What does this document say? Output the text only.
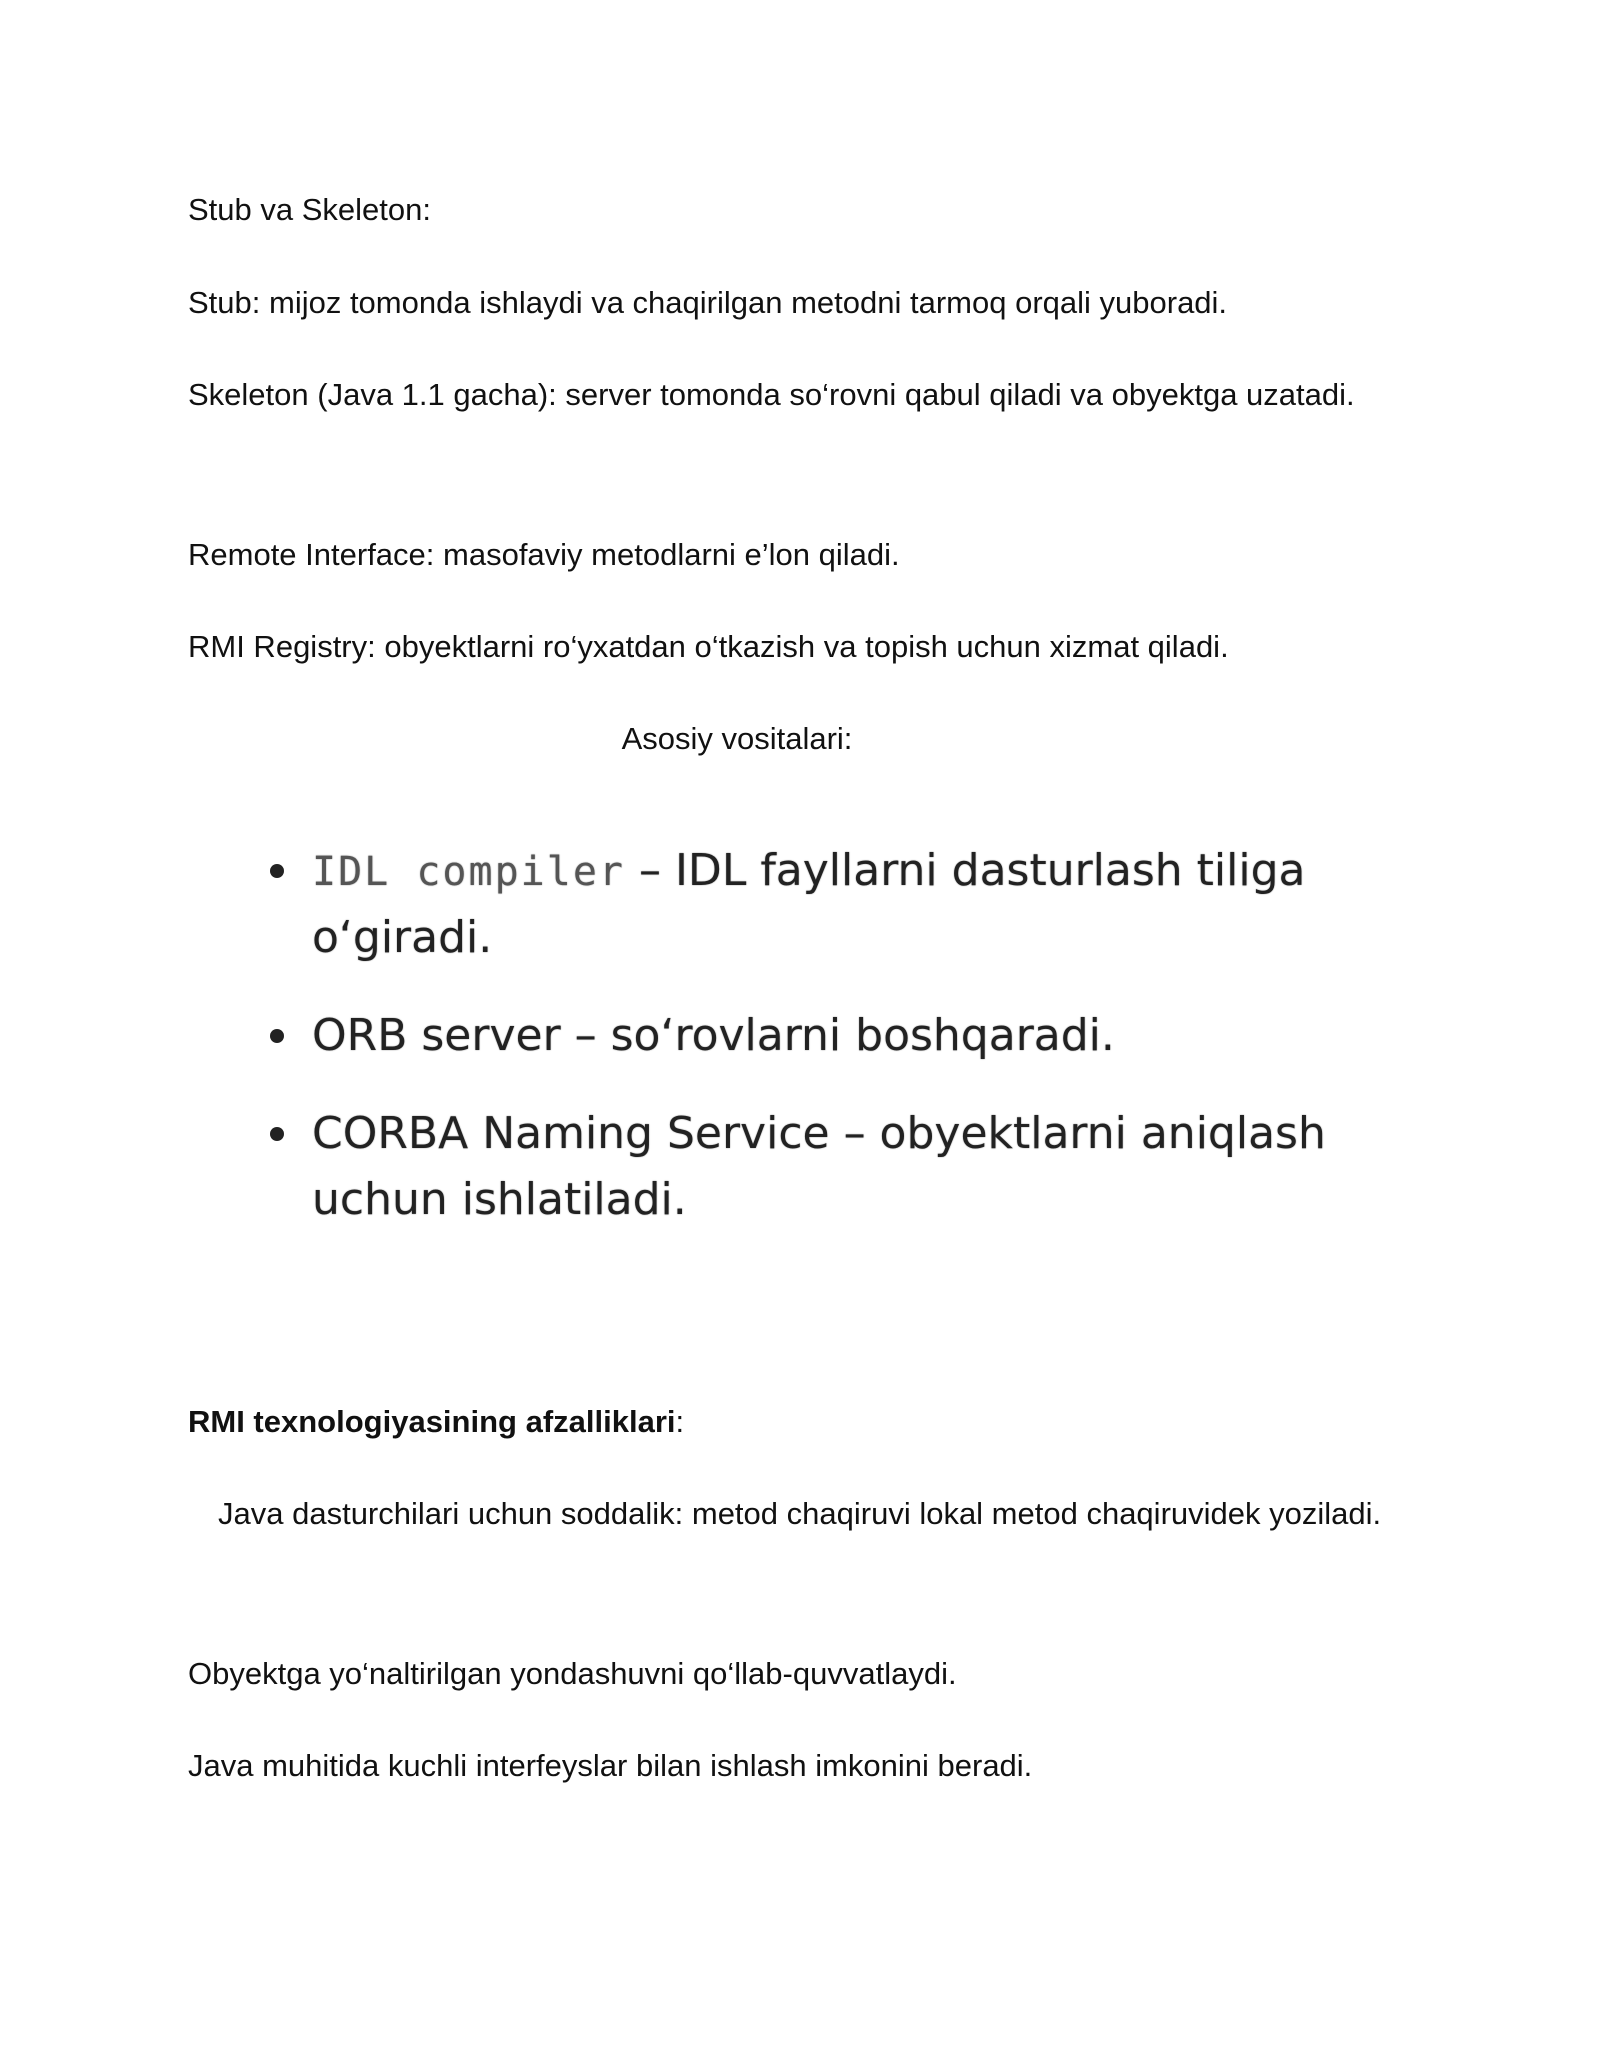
Stub va Skeleton:

Stub: mijoz tomonda ishlaydi va chaqirilgan metodni tarmoq orqali yuboradi.

Skeleton (Java 1.1 gacha): server tomonda so‘rovni qabul qiladi va obyektga uzatadi.

Remote Interface: masofaviy metodlarni e’lon qiladi.

RMI Registry: obyektlarni ro‘yxatdan o‘tkazish va topish uchun xizmat qiladi.

Asosiy vositalari:

IDL compiler – IDL fayllarni dasturlash tiliga o‘giradi.
ORB server – so‘rovlarni boshqaradi.
CORBA Naming Service – obyektlarni aniqlash uchun ishlatiladi.

RMI texnologiyasining afzalliklari:

Java dasturchilari uchun soddalik: metod chaqiruvi lokal metod chaqiruvidek yoziladi.

Obyektga yo‘naltirilgan yondashuvni qo‘llab-quvvatlaydi.

Java muhitida kuchli interfeyslar bilan ishlash imkonini beradi.
